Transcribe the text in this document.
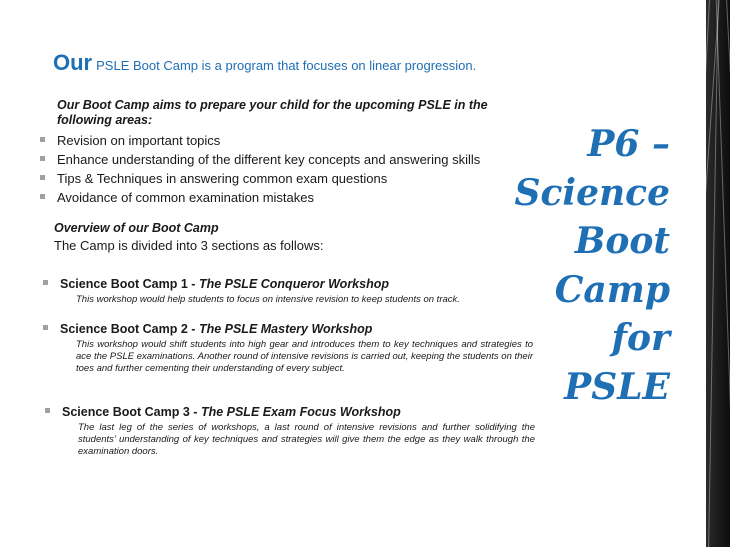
Our PSLE Boot Camp is a program that focuses on linear progression.
Our Boot Camp aims to prepare your child for the upcoming PSLE in the following areas:
Revision on important topics
Enhance understanding of the different key concepts and answering skills
Tips & Techniques in answering common exam questions
Avoidance of common examination mistakes
Overview of our Boot Camp
The Camp is divided into 3 sections as follows:
Science Boot Camp 1 - The PSLE Conqueror Workshop
This workshop would help students to focus on intensive revision to keep students on track.
Science Boot Camp 2 - The PSLE Mastery Workshop
This workshop would shift students into high gear and introduces them to key techniques and strategies to ace the PSLE examinations. Another round of intensive revisions is carried out, keeping the students on their toes and further cementing their understanding of every subject.
Science Boot Camp 3 - The PSLE Exam Focus Workshop
The last leg of the series of workshops, a last round of intensive revisions and further solidifying the students’ understanding of key techniques and strategies will give them the edge as they walk through the examination doors.
P6 –
Science
Boot
Camp
for
PSLE
